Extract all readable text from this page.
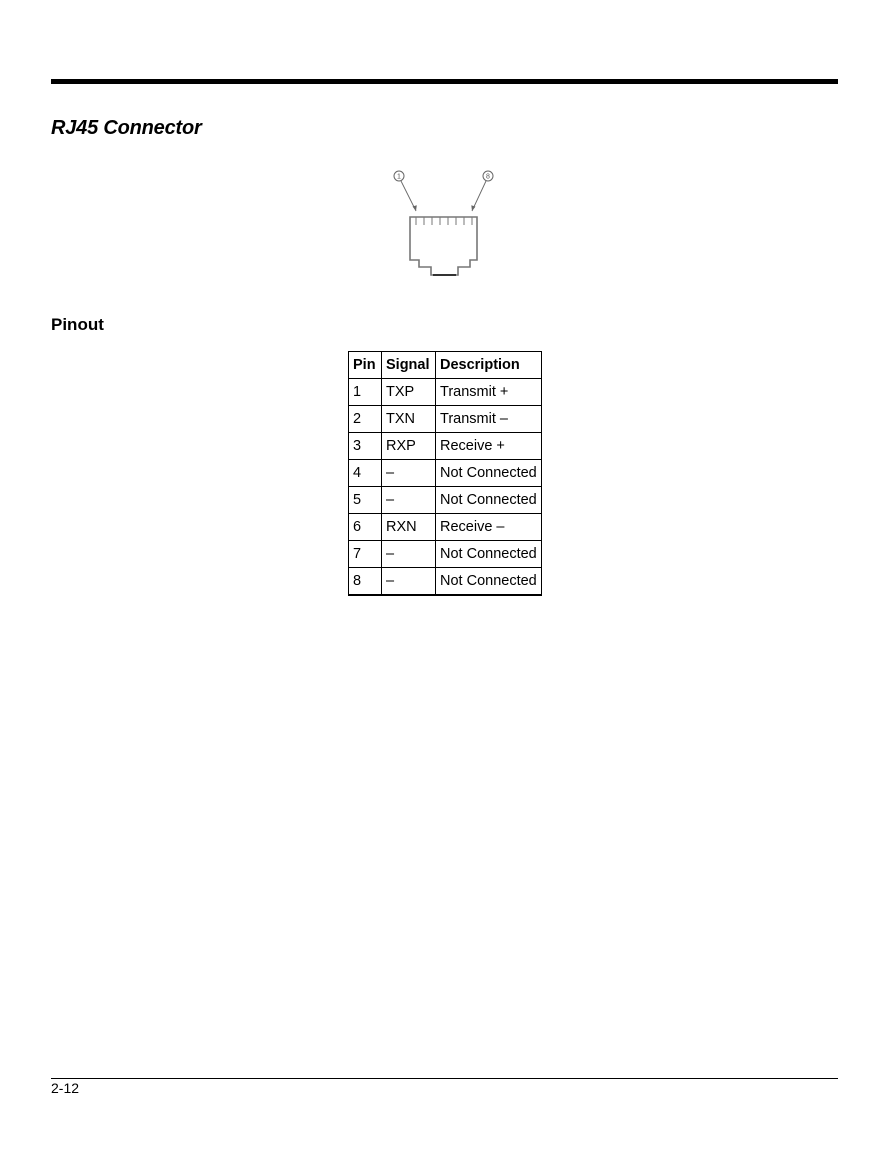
RJ45 Connector
1	8
Pinout
Pin	Signal	Description
1	TXP	Transmit +
2	TXN	Transmit –
3	RXP	Receive +
4	–	Not Connected
5	–	Not Connected
6	RXN	Receive –
7	–	Not Connected
8	–	Not Connected
2-12
